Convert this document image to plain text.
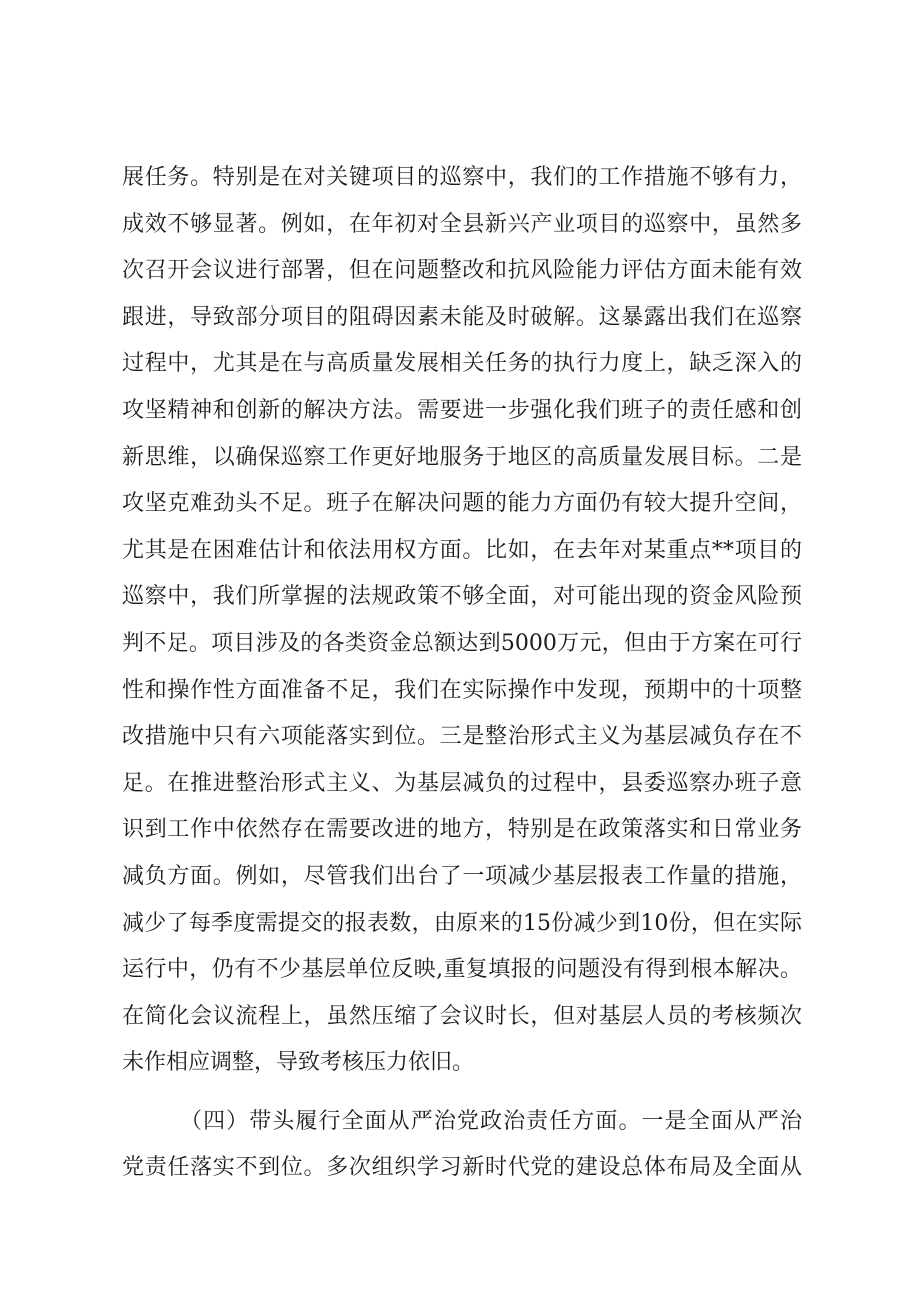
展任务。特别是在对关键项目的巡察中，我们的工作措施不够有力，
成效不够显著。例如，在年初对全县新兴产业项目的巡察中，虽然多
次召开会议进行部署，但在问题整改和抗风险能力评估方面未能有效
跟进，导致部分项目的阻碍因素未能及时破解。这暴露出我们在巡察
过程中，尤其是在与高质量发展相关任务的执行力度上，缺乏深入的
攻坚精神和创新的解决方法。需要进一步强化我们班子的责任感和创
新思维，以确保巡察工作更好地服务于地区的高质量发展目标。二是
攻坚克难劲头不足。班子在解决问题的能力方面仍有较大提升空间，
尤其是在困难估计和依法用权方面。比如，在去年对某重点**项目的
巡察中，我们所掌握的法规政策不够全面，对可能出现的资金风险预
判不足。项目涉及的各类资金总额达到5000万元，但由于方案在可行
性和操作性方面准备不足，我们在实际操作中发现，预期中的十项整
改措施中只有六项能落实到位。三是整治形式主义为基层减负存在不
足。在推进整治形式主义、为基层减负的过程中，县委巡察办班子意
识到工作中依然存在需要改进的地方，特别是在政策落实和日常业务
减负方面。例如，尽管我们出台了一项减少基层报表工作量的措施，
减少了每季度需提交的报表数，由原来的15份减少到10份，但在实际
运行中，仍有不少基层单位反映,重复填报的问题没有得到根本解决。
在简化会议流程上，虽然压缩了会议时长，但对基层人员的考核频次
未作相应调整，导致考核压力依旧。
（四）带头履行全面从严治党政治责任方面。一是全面从严治
党责任落实不到位。多次组织学习新时代党的建设总体布局及全面从
